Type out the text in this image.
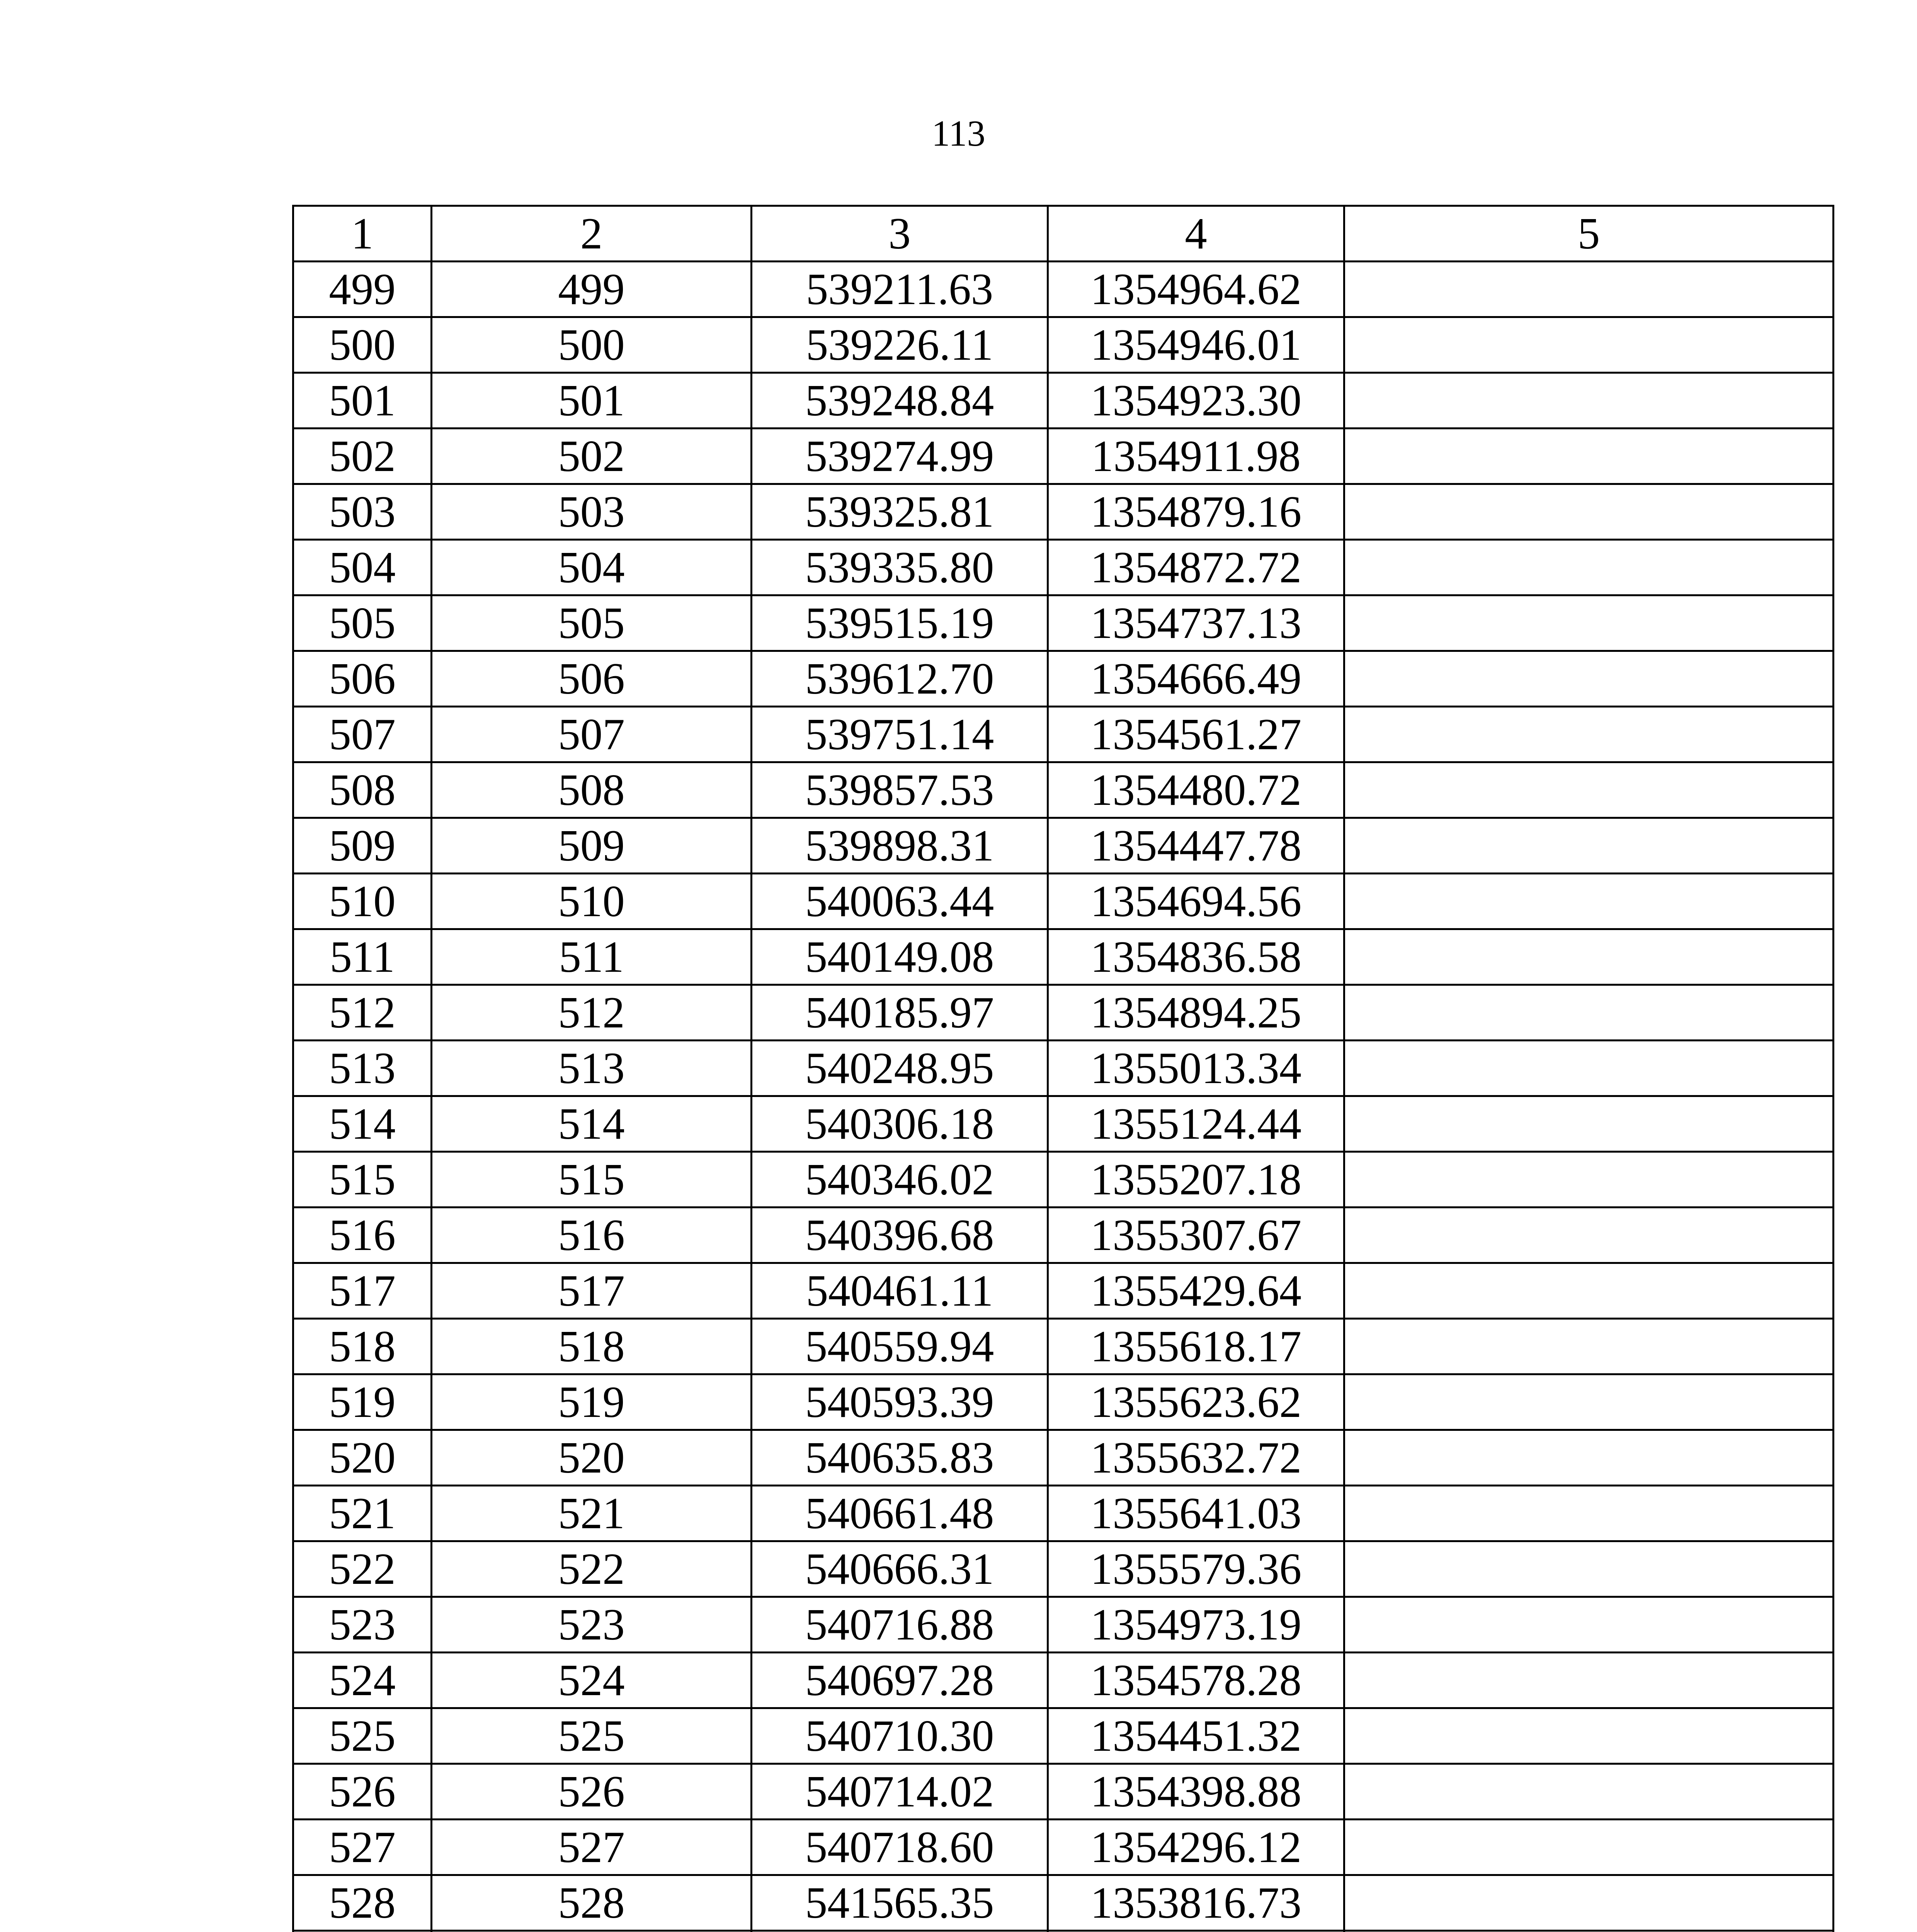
113
1	2	3	4	5
499	499	539211.63	1354964.62	
500	500	539226.11	1354946.01	
501	501	539248.84	1354923.30	
502	502	539274.99	1354911.98	
503	503	539325.81	1354879.16	
504	504	539335.80	1354872.72	
505	505	539515.19	1354737.13	
506	506	539612.70	1354666.49	
507	507	539751.14	1354561.27	
508	508	539857.53	1354480.72	
509	509	539898.31	1354447.78	
510	510	540063.44	1354694.56	
511	511	540149.08	1354836.58	
512	512	540185.97	1354894.25	
513	513	540248.95	1355013.34	
514	514	540306.18	1355124.44	
515	515	540346.02	1355207.18	
516	516	540396.68	1355307.67	
517	517	540461.11	1355429.64	
518	518	540559.94	1355618.17	
519	519	540593.39	1355623.62	
520	520	540635.83	1355632.72	
521	521	540661.48	1355641.03	
522	522	540666.31	1355579.36	
523	523	540716.88	1354973.19	
524	524	540697.28	1354578.28	
525	525	540710.30	1354451.32	
526	526	540714.02	1354398.88	
527	527	540718.60	1354296.12	
528	528	541565.35	1353816.73	
